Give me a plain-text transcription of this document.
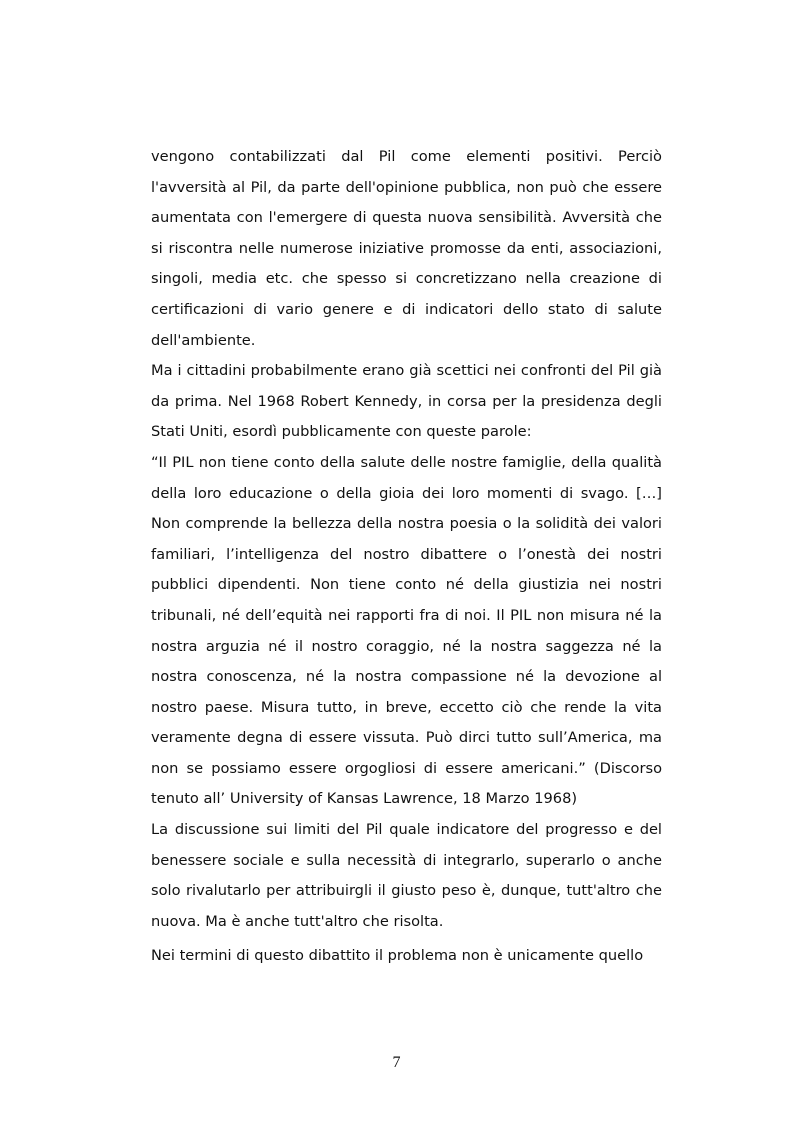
vengono contabilizzati dal Pil come elementi positivi. Perciò l'avversità al Pil, da parte dell'opinione pubblica, non può che essere aumentata con l'emergere di questa nuova sensibilità. Avversità che si riscontra nelle numerose iniziative promosse da enti, associazioni, singoli, media etc. che spesso si concretizzano nella creazione di certificazioni di vario genere e di indicatori dello stato di salute dell'ambiente.

Ma i cittadini probabilmente erano già scettici nei confronti del Pil già da prima. Nel 1968 Robert Kennedy, in corsa per la presidenza degli Stati Uniti, esordì pubblicamente con queste parole:

“Il PIL non tiene conto della salute delle nostre famiglie, della qualità della loro educazione o della gioia dei loro momenti di svago. […] Non comprende la bellezza della nostra poesia o la solidità dei valori familiari, l’intelligenza del nostro dibattere o l’onestà dei nostri pubblici dipendenti. Non tiene conto né della giustizia nei nostri tribunali, né dell’equità nei rapporti fra di noi. Il PIL non misura né la nostra arguzia né il nostro coraggio, né la nostra saggezza né la nostra conoscenza, né la nostra compassione né la devozione al nostro paese. Misura tutto, in breve, eccetto ciò che rende la vita veramente degna di essere vissuta. Può dirci tutto sull’America, ma non se possiamo essere orgogliosi di essere americani.” (Discorso tenuto all’ University of Kansas Lawrence, 18 Marzo 1968)

La discussione sui limiti del Pil quale indicatore del progresso e del benessere sociale e sulla necessità di integrarlo, superarlo o anche solo rivalutarlo per attribuirgli il giusto peso è, dunque, tutt'altro che nuova. Ma è anche tutt'altro che risolta.

Nei termini di questo dibattito il problema non è unicamente quello

7
